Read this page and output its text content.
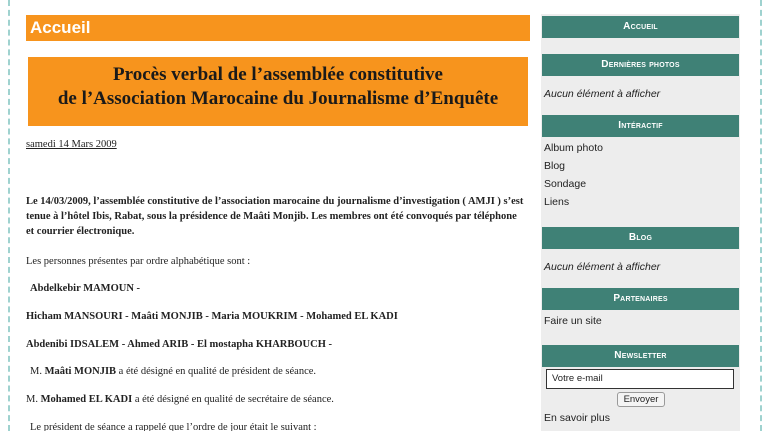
Accueil
Procès verbal de l’assemblée constitutive
de l’Association Marocaine du Journalisme d’Enquête
samedi 14 Mars 2009

Le 14/03/2009, l’assemblée constitutive de l’association marocaine du journalisme d’investigation ( AMJI ) s’est tenue à l’hôtel Ibis, Rabat, sous la présidence de Maâti Monjib. Les membres ont été convoqués par téléphone et courrier électronique.

Les personnes présentes par ordre alphabétique sont :

Abdelkebir MAMOUN -

Hicham MANSOURI - Maâti MONJIB - Maria MOUKRIM - Mohamed EL KADI

Abdenibi IDSALEM - Ahmed ARIB - El mostapha KHARBOUCH -

M. Maâti MONJIB a été désigné en qualité de président de séance.

M. Mohamed EL KADI a été désigné en qualité de secrétaire de séance.

Le président de séance a rappelé que l’ordre de jour était le suivant :

Accueil
Dernières photos
Aucun élément à afficher
Intéractif
Album photo
Blog
Sondage
Liens
Blog
Aucun élément à afficher
Partenaires
Faire un site
Newsletter
Votre e-mail
Envoyer
En savoir plus
